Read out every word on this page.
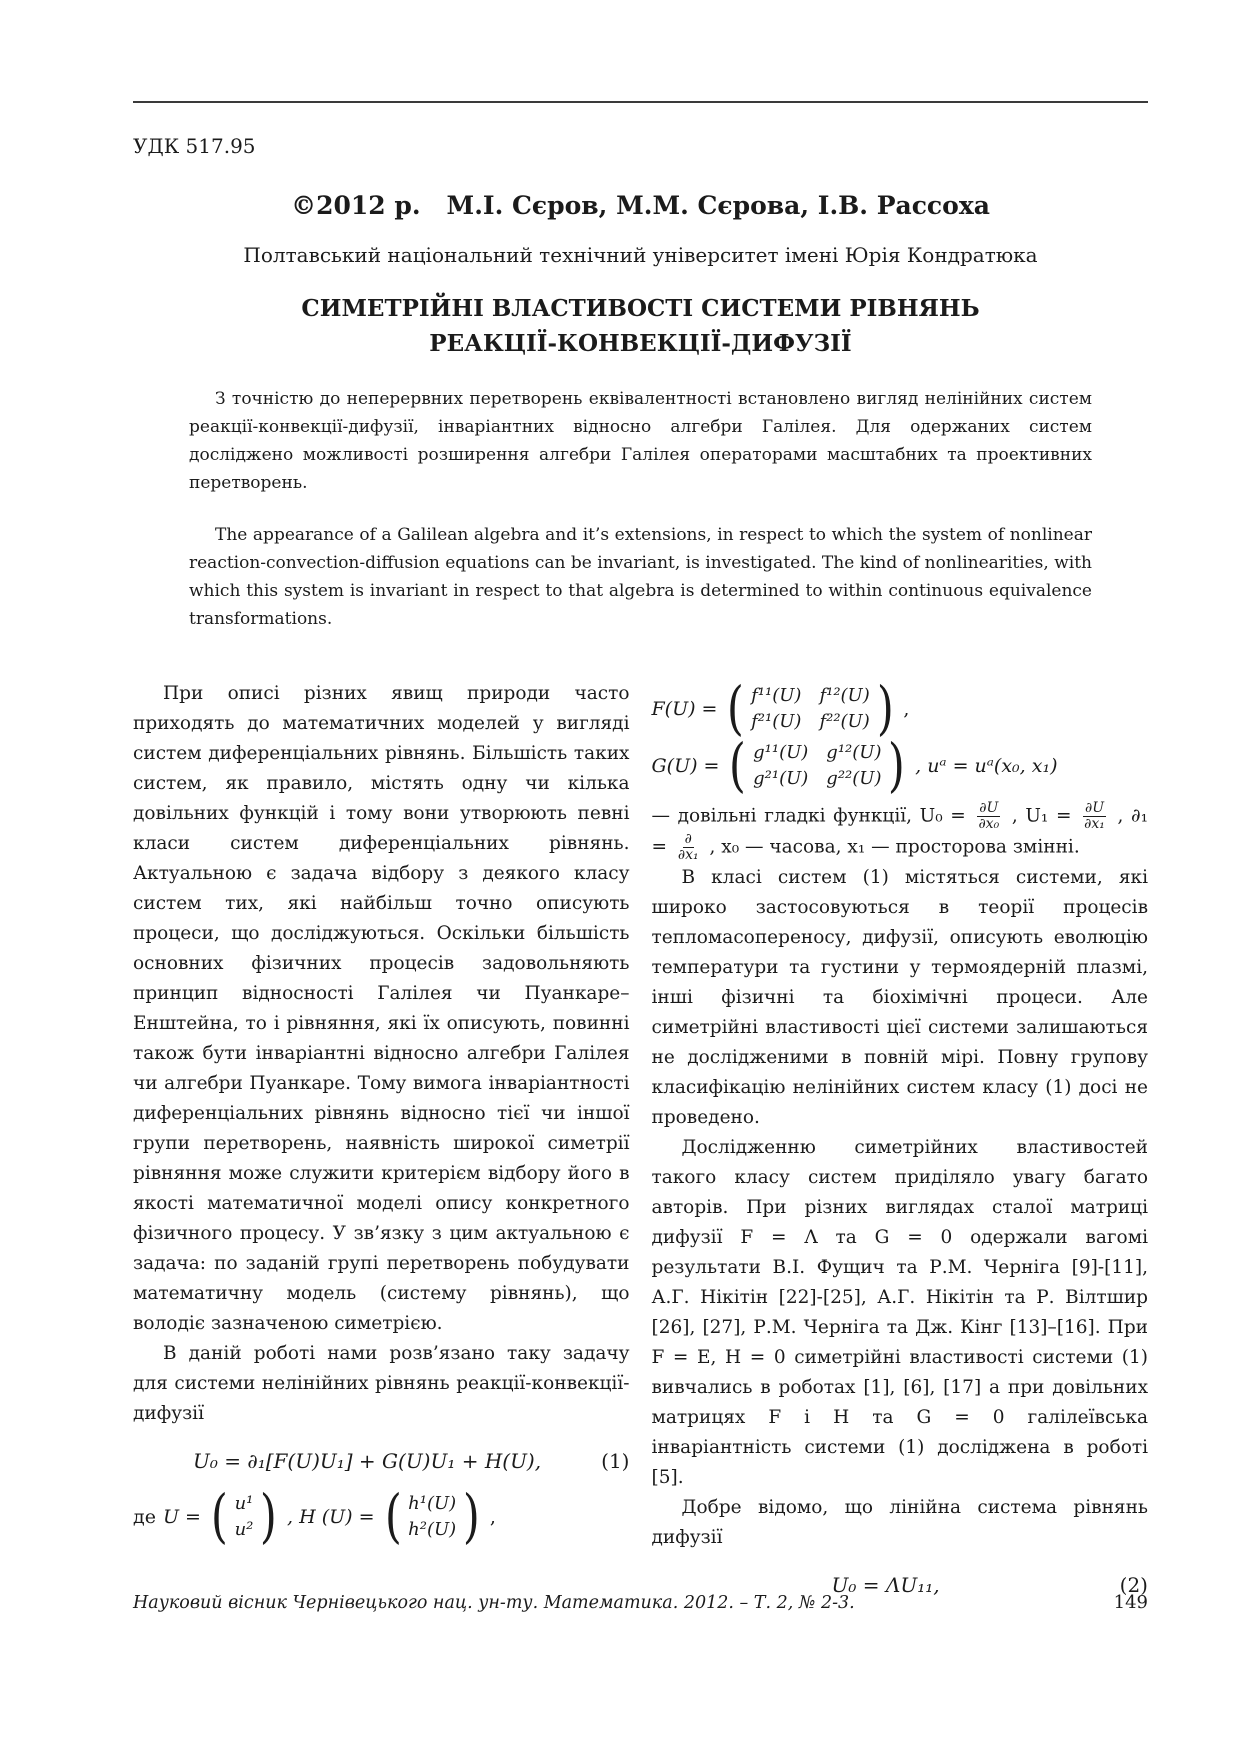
УДК 517.95
©2012 р. М.І. Сєров, М.М. Сєрова, І.В. Рассоха
Полтавський національний технічний університет імені Юрія Кондратюка
СИМЕТРІЙНІ ВЛАСТИВОСТІ СИСТЕМИ РІВНЯНЬ
РЕАКЦІЇ-КОНВЕКЦІЇ-ДИФУЗІЇ

З точністю до неперервних перетворень еквівалентності встановлено вигляд нелінійних систем реакції-конвекції-дифузії, інваріантних відносно алгебри Галілея. Для одержаних систем досліджено можливості розширення алгебри Галілея операторами масштабних та проективних перетворень.

The appearance of a Galilean algebra and it’s extensions, in respect to which the system of nonlinear reaction-convection-diffusion equations can be invariant, is investigated. The kind of nonlinearities, with which this system is invariant in respect to that algebra is determined to within continuous equivalence transformations.

При описі різних явищ природи часто приходять до математичних моделей у вигляді систем диференціальних рівнянь. Більшість таких систем, як правило, містять одну чи кілька довільних функцій і тому вони утворюють певні класи систем диференціальних рівнянь. Актуальною є задача відбору з деякого класу систем тих, які найбільш точно описують процеси, що досліджуються. Оскільки більшість основних фізичних процесів задовольняють принцип відносності Галілея чи Пуанкаре–Енштейна, то і рівняння, які їх описують, повинні також бути інваріантні відносно алгебри Галілея чи алгебри Пуанкаре. Тому вимога інваріантності диференціальних рівнянь відносно тієї чи іншої групи перетворень, наявність широкої симетрії рівняння може служити критерієм відбору його в якості математичної моделі опису конкретного фізичного процесу. У зв’язку з цим актуальною є задача: по заданій групі перетворень побудувати математичну модель (систему рівнянь), що володіє зазначеною симетрією.

В даній роботі нами розв’язано таку задачу для системи нелінійних рівнянь реакції-конвекції-дифузії

U₀ = ∂₁[F(U)U₁] + G(U)U₁ + H(U),	(1)
де U = ( u¹
u² ) , H (U) = ( h¹(U)
h²(U) ) ,
F(U) = ( f¹¹(U) f¹²(U)
f²¹(U) f²²(U) ) ,
G(U) = ( g¹¹(U) g¹²(U)
g²¹(U) g²²(U) ) , uᵃ = uᵃ(x₀, x₁)

— довільні гладкі функції, $U_0 = \frac{\partial U}{\text{∂x₀}}$ , $U_1 = \frac{\partial U}{\text{∂x₁}}$ , $\partial_1 = \frac{\partial}{\text{∂x₁}}$ , x₀ — часова, x₁ — просторова змінні.

В класі систем (1) містяться системи, які широко застосовуються в теорії процесів тепломасопереносу, дифузії, описують еволюцію температури та густини у термоядерній плазмі, інші фізичні та біохімічні процеси. Але симетрійні властивості цієї системи залишаються не дослідженими в повній мірі. Повну групову класифікацію нелінійних систем класу (1) досі не проведено.

Дослідженню симетрійних властивостей такого класу систем приділяло увагу багато авторів. При різних виглядах сталої матриці дифузії F = Λ та G = 0 одержали вагомі результати В.І. Фущич та Р.М. Черніга [9]-[11], А.Г. Нікітін [22]-[25], А.Г. Нікітін та Р. Вілтшир [26], [27], Р.М. Черніга та Дж. Кінг [13]–[16]. При F = E, H = 0 симетрійні властивості системи (1) вивчались в роботах [1], [6], [17] а при довільних матрицях F і H та G = 0 галілеївська інваріантність системи (1) досліджена в роботі [5].

Добре відомо, що лінійна система рівнянь дифузії

U₀ = ΛU₁₁,	(2)
Науковий вісник Чернівецького нац. ун-ту. Математика. 2012. – Т. 2, № 2-3.	149
